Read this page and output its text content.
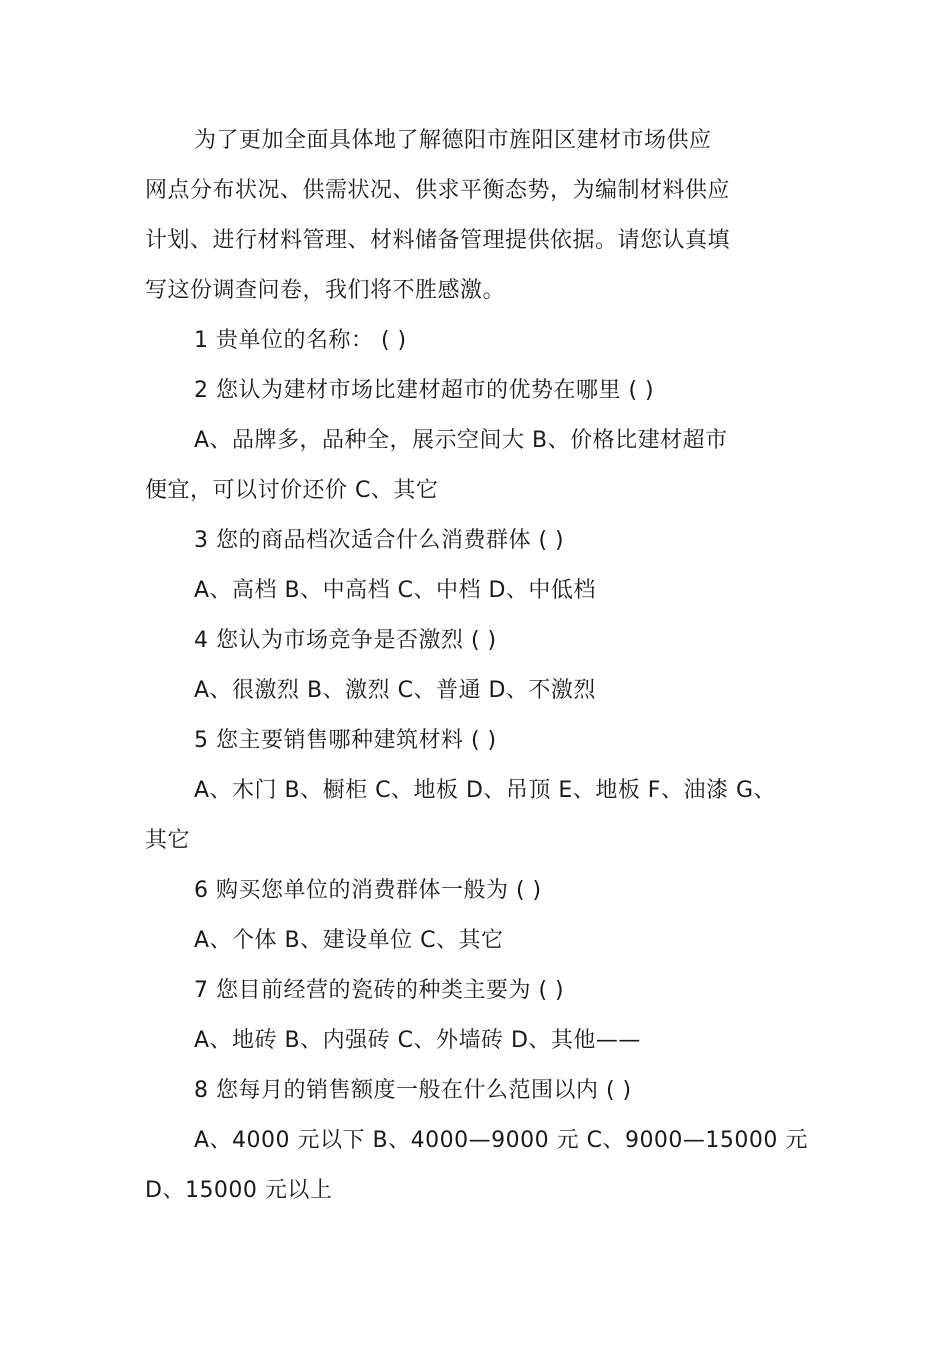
为了更加全面具体地了解德阳市旌阳区建材市场供应
网点分布状况、供需状况、供求平衡态势，为编制材料供应
计划、进行材料管理、材料储备管理提供依据。请您认真填
写这份调查问卷，我们将不胜感激。
1 贵单位的名称： ( )
2 您认为建材市场比建材超市的优势在哪里 ( )
A、品牌多，品种全，展示空间大 B、价格比建材超市
便宜，可以讨价还价 C、其它
3 您的商品档次适合什么消费群体 ( )
A、高档 B、中高档 C、中档 D、中低档
4 您认为市场竞争是否激烈 ( )
A、很激烈 B、激烈 C、普通 D、不激烈
5 您主要销售哪种建筑材料 ( )
A、木门 B、橱柜 C、地板 D、吊顶 E、地板 F、油漆 G、
其它
6 购买您单位的消费群体一般为 ( )
A、个体 B、建设单位 C、其它
7 您目前经营的瓷砖的种类主要为 ( )
A、地砖 B、内强砖 C、外墙砖 D、其他——
8 您每月的销售额度一般在什么范围以内 ( )
A、4000 元以下 B、4000—9000 元 C、9000—15000 元
D、15000 元以上
